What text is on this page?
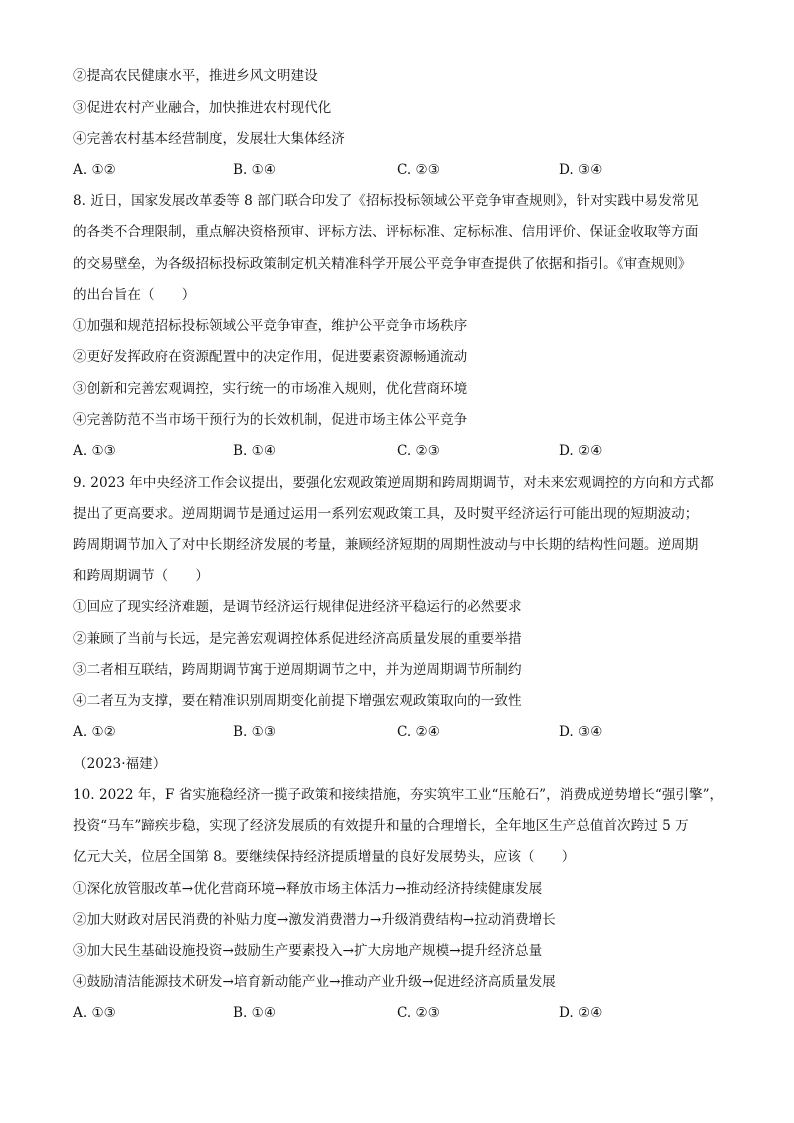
②提高农民健康水平，推进乡风文明建设
③促进农村产业融合，加快推进农村现代化
④完善农村基本经营制度，发展壮大集体经济
A. ①②	B. ①④	C. ②③	D. ③④
8. 近日，国家发展改革委等 8 部门联合印发了《招标投标领域公平竞争审查规则》，针对实践中易发常见
的各类不合理限制，重点解决资格预审、评标方法、评标标准、定标标准、信用评价、保证金收取等方面
的交易壁垒，为各级招标投标政策制定机关精准科学开展公平竞争审查提供了依据和指引。《审查规则》
的出台旨在（　　）
①加强和规范招标投标领域公平竞争审查，维护公平竞争市场秩序
②更好发挥政府在资源配置中的决定作用，促进要素资源畅通流动
③创新和完善宏观调控，实行统一的市场准入规则，优化营商环境
④完善防范不当市场干预行为的长效机制，促进市场主体公平竞争
A. ①③	B. ①④	C. ②③	D. ②④
9. 2023 年中央经济工作会议提出，要强化宏观政策逆周期和跨周期调节，对未来宏观调控的方向和方式都
提出了更高要求。逆周期调节是通过运用一系列宏观政策工具，及时熨平经济运行可能出现的短期波动；
跨周期调节加入了对中长期经济发展的考量，兼顾经济短期的周期性波动与中长期的结构性问题。逆周期
和跨周期调节（　　）
①回应了现实经济难题，是调节经济运行规律促进经济平稳运行的必然要求
②兼顾了当前与长远，是完善宏观调控体系促进经济高质量发展的重要举措
③二者相互联结，跨周期调节寓于逆周期调节之中，并为逆周期调节所制约
④二者互为支撑，要在精准识别周期变化前提下增强宏观政策取向的一致性
A. ①②	B. ①③	C. ②④	D. ③④
（2023·福建）
10. 2022 年，F 省实施稳经济一揽子政策和接续措施，夯实筑牢工业“压舱石”，消费成逆势增长“强引擎”，
投资“马车”蹄疾步稳，实现了经济发展质的有效提升和量的合理增长，全年地区生产总值首次跨过 5 万
亿元大关，位居全国第 8。要继续保持经济提质增量的良好发展势头，应该（　　）
①深化放管服改革→优化营商环境→释放市场主体活力→推动经济持续健康发展
②加大财政对居民消费的补贴力度→激发消费潜力→升级消费结构→拉动消费增长
③加大民生基础设施投资→鼓励生产要素投入→扩大房地产规模→提升经济总量
④鼓励清洁能源技术研发→培育新动能产业→推动产业升级→促进经济高质量发展
A. ①③	B. ①④	C. ②③	D. ②④
